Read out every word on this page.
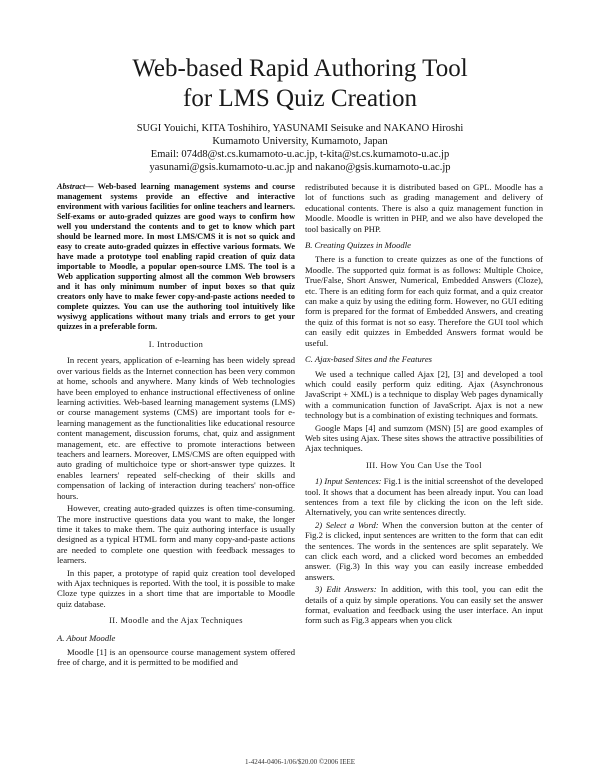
Web-based Rapid Authoring Tool
for LMS Quiz Creation
SUGI Youichi, KITA Toshihiro, YASUNAMI Seisuke and NAKANO Hiroshi
Kumamoto University, Kumamoto, Japan
Email: 074d8@st.cs.kumamoto-u.ac.jp, t-kita@st.cs.kumamoto-u.ac.jp
yasunami@gsis.kumamoto-u.ac.jp and nakano@gsis.kumamoto-u.ac.jp
Abstract— Web-based learning management systems and course management systems provide an effective and interactive environment with various facilities for online teachers and learners. Self-exams or auto-graded quizzes are good ways to confirm how well you understand the contents and to get to know which part should be learned more. In most LMS/CMS it is not so quick and easy to create auto-graded quizzes in effective various formats. We have made a prototype tool enabling rapid creation of quiz data importable to Moodle, a popular open-source LMS. The tool is a Web application supporting almost all the common Web browsers and it has only minimum number of input boxes so that quiz creators only have to make fewer copy-and-paste actions needed to complete quizzes. You can use the authoring tool intuitively like wysiwyg applications without many trials and errors to get your quizzes in a preferable form.
I. Introduction

In recent years, application of e-learning has been widely spread over various fields as the Internet connection has been very common at home, schools and anywhere. Many kinds of Web technologies have been employed to enhance instructional effectiveness of online learning activities. Web-based learning management systems (LMS) or course management systems (CMS) are important tools for e-learning management as the functionalities like educational resource content management, discussion forums, chat, quiz and assignment management, etc. are effective to promote interactions between teachers and learners. Moreover, LMS/CMS are often equipped with auto grading of multichoice type or short-answer type quizzes. It enables learners' repeated self-checking of their skills and compensation of lacking of interaction during teachers' non-office hours.

However, creating auto-graded quizzes is often time-consuming. The more instructive questions data you want to make, the longer time it takes to make them. The quiz authoring interface is usually designed as a typical HTML form and many copy-and-paste actions are needed to complete one question with feedback messages to learners.

In this paper, a prototype of rapid quiz creation tool developed with Ajax techniques is reported. With the tool, it is possible to make Cloze type quizzes in a short time that are importable to Moodle quiz database.

II. Moodle and the Ajax Techniques
A. About Moodle

Moodle [1] is an opensource course management system offered free of charge, and it is permitted to be modified and

redistributed because it is distributed based on GPL. Moodle has a lot of functions such as grading management and delivery of educational contents. There is also a quiz management function in Moodle. Moodle is written in PHP, and we also have developed the tool basically on PHP.

B. Creating Quizzes in Moodle

There is a function to create quizzes as one of the functions of Moodle. The supported quiz format is as follows: Multiple Choice, True/False, Short Answer, Numerical, Embedded Answers (Cloze), etc. There is an editing form for each quiz format, and a quiz creator can make a quiz by using the editing form. However, no GUI editing form is prepared for the format of Embedded Answers, and creating the quiz of this format is not so easy. Therefore the GUI tool which can easily edit quizzes in Embedded Answers format would be useful.

C. Ajax-based Sites and the Features

We used a technique called Ajax [2], [3] and developed a tool which could easily perform quiz editing. Ajax (Asynchronous JavaScript + XML) is a technique to display Web pages dynamically with a communication function of JavaScript. Ajax is not a new technology but is a combination of existing techniques and formats.

Google Maps [4] and sumzom (MSN) [5] are good examples of Web sites using Ajax. These sites shows the attractive possibilities of Ajax techniques.

III. How You Can Use the Tool

1) Input Sentences: Fig.1 is the initial screenshot of the developed tool. It shows that a document has been already input. You can load sentences from a text file by clicking the icon on the left side. Alternatively, you can write sentences directly.

2) Select a Word: When the conversion button at the center of Fig.2 is clicked, input sentences are written to the form that can edit the sentences. The words in the sentences are split separately. We can click each word, and a clicked word becomes an embedded answer. (Fig.3) In this way you can easily increase embedded answers.

3) Edit Answers: In addition, with this tool, you can edit the details of a quiz by simple operations. You can easily set the answer format, evaluation and feedback using the user interface. An input form such as Fig.3 appears when you click

1-4244-0406-1/06/$20.00 ©2006 IEEE
